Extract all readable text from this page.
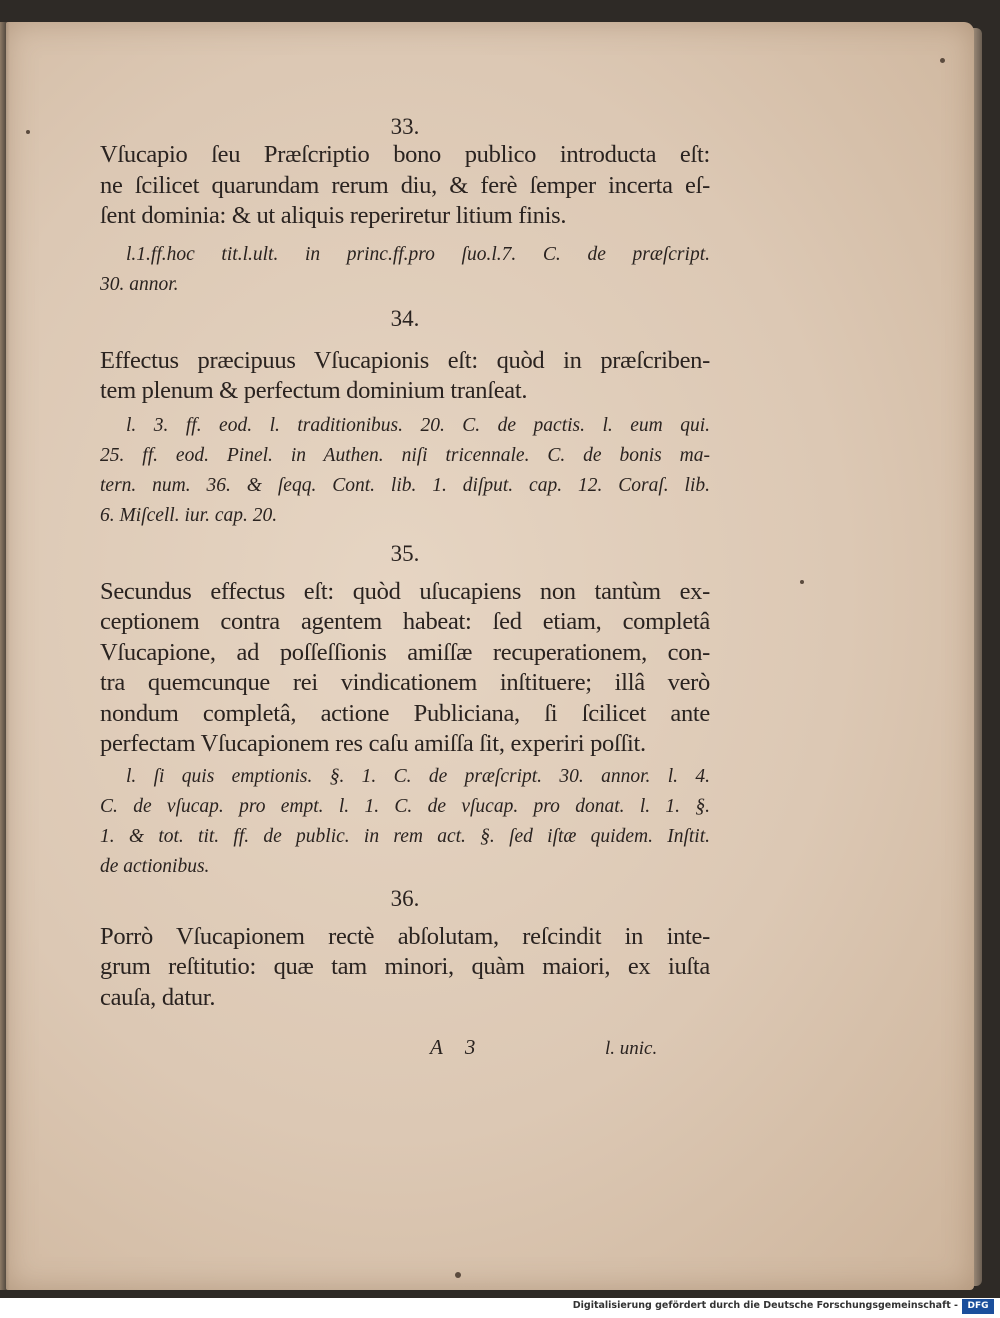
33.

Vſucapio ſeu Præſcriptio bono publico introducta eſt:
ne ſcilicet quarundam rerum diu, & ferè ſemper incerta eſ-
ſent dominia: & ut aliquis reperiretur litium finis.
l.1.ff.hoc tit.l.ult. in princ.ff.pro ſuo.l.7. C. de præſcript.
30. annor.

34.

Effectus præcipuus Vſucapionis eſt: quòd in præſcriben-
tem plenum & perfectum dominium tranſeat.
l. 3. ff. eod. l. traditionibus. 20. C. de pactis. l. eum qui.
25. ff. eod. Pinel. in Authen. niſi tricennale. C. de bonis ma-
tern. num. 36. & ſeqq. Cont. lib. 1. diſput. cap. 12. Coraſ. lib.
6. Miſcell. iur. cap. 20.

35.

Secundus effectus eſt: quòd uſucapiens non tantùm ex-
ceptionem contra agentem habeat: ſed etiam, completâ
Vſucapione, ad poſſeſſionis amiſſæ recuperationem, con-
tra quemcunque rei vindicationem inſtituere; illâ verò
nondum completâ, actione Publiciana, ſi ſcilicet ante
perfectam Vſucapionem res caſu amiſſa ſit, experiri poſſit.
l. ſi quis emptionis. §. 1. C. de præſcript. 30. annor. l. 4.
C. de vſucap. pro empt. l. 1. C. de vſucap. pro donat. l. 1. §.
1. & tot. tit. ff. de public. in rem act. §. ſed iſtæ quidem. Inſtit.
de actionibus.

36.

Porrò Vſucapionem rectè abſolutam, reſcindit in inte-
grum reſtitutio: quæ tam minori, quàm maiori, ex iuſta
cauſa, datur.
A 3	l. unic.
Digitalisierung gefördert durch die Deutsche Forschungsgemeinschaft -	DFG
